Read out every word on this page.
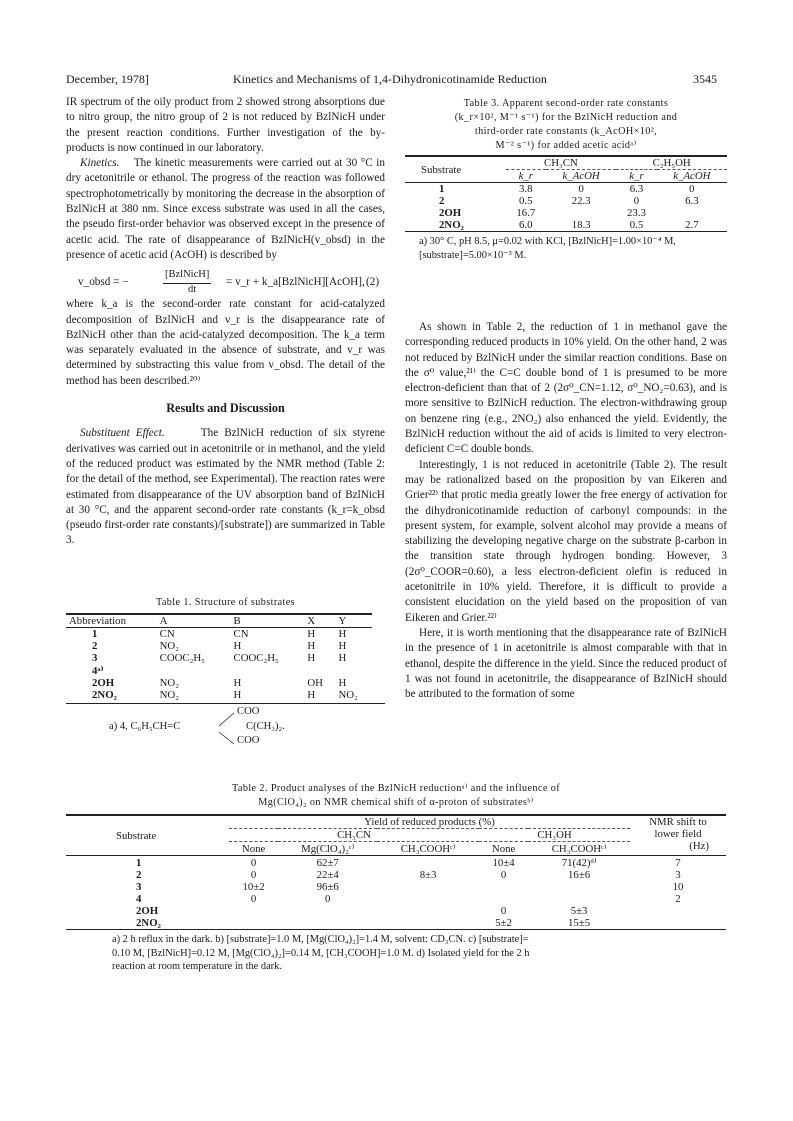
December, 1978]	Kinetics and Mechanisms of 1,4-Dihydronicotinamide Reduction	3545

IR spectrum of the oily product from 2 showed strong absorptions due to nitro group, the nitro group of 2 is not reduced by BzlNicH under the present reaction conditions. Further investigation of the by-products is now continued in our laboratory.

Kinetics. The kinetic measurements were carried out at 30 °C in dry acetonitrile or ethanol. The progress of the reaction was followed spectrophotometrically by monitoring the decrease in the absorption of BzlNicH at 380 nm. Since excess substrate was used in all the cases, the pseudo first-order behavior was observed except in the presence of acetic acid. The rate of disappearance of BzlNicH(v_obsd) in the presence of acetic acid (AcOH) is described by

v_obsd = −
[BzlNicH]
dt
= v_r + k_a[BzlNicH][AcOH], (2)

where k_a is the second-order rate constant for acid-catalyzed decomposition of BzlNicH and v_r is the disappearance rate of BzlNicH other than the acid-catalyzed decomposition. The k_a term was separately evaluated in the absence of substrate, and v_r was determined by substracting this value from v_obsd. The detail of the method has been described.²⁰⁾

Results and Discussion

Substituent Effect.	The BzlNicH reduction of six styrene derivatives was carried out in acetonitrile or in methanol, and the yield of the reduced product was estimated by the NMR method (Table 2: for the detail of the method, see Experimental). The reaction rates were estimated from disappearance of the UV absorption band of BzlNicH at 30 °C, and the apparent second-order rate constants (k_r=k_obsd (pseudo first-order rate constants)/[substrate]) are summarized in Table 3.

Table 1. Structure of substrates
Abbreviation	A	B	X	Y
1	CN	CN	H	H
2	NO₂	H	H	H
3	COOC₂H₅	COOC₂H₅	H	H
4ᵃ⁾				
2OH	NO₂	H	OH	H
2NO₂	NO₂	H	H	NO₂
a) 4, C₆H₅CH=C
COO
C(CH₃)₂.
COO
Table 3. Apparent second-order rate constants
(k_r×10², M⁻¹ s⁻¹) for the BzlNicH reduction and
third-order rate constants (k_AcOH×10²,
M⁻² s⁻¹) for added acetic acidᵃ⁾
Substrate	CH₃CN		C₂H₅OH	
	k_r	k_AcOH	k_r	k_AcOH
1	3.8	0	6.3	0
2	0.5	22.3	0	6.3
2OH	16.7		23.3	
2NO₂	6.0	18.3	0.5	2.7
a) 30° C, pH 8.5, μ=0.02 with KCl, [BzlNicH]=1.00×10⁻⁴ M, [substrate]=5.00×10⁻³ M.

As shown in Table 2, the reduction of 1 in methanol gave the corresponding reduced products in 10% yield. On the other hand, 2 was not reduced by BzlNicH under the similar reaction conditions. Base on the σ⁰ value,²¹⁾ the C=C double bond of 1 is presumed to be more electron-deficient than that of 2 (2σ⁰_CN=1.12, σ⁰_NO₂=0.63), and is more sensitive to BzlNicH reduction. The electron-withdrawing group on benzene ring (e.g., 2NO₂) also enhanced the yield. Evidently, the BzlNicH reduction without the aid of acids is limited to very electron-deficient C=C double bonds.

Interestingly, 1 is not reduced in acetonitrile (Table 2). The result may be rationalized based on the proposition by van Eikeren and Grier²²⁾ that protic media greatly lower the free energy of activation for the dihydronicotinamide reduction of carbonyl compounds: in the present system, for example, solvent alcohol may provide a means of stabilizing the developing negative charge on the substrate β-carbon in the transition state through hydrogen bonding. However, 3 (2σ⁰_COOR=0.60), a less electron-deficient olefin is reduced in acetonitrile in 10% yield. Therefore, it is difficult to provide a consistent elucidation on the yield based on the proposition of van Eikeren and Grier.²²⁾

Here, it is worth mentioning that the disappearance rate of BzlNicH in the presence of 1 in acetonitrile is almost comparable with that in ethanol, despite the difference in the yield. Since the reduced product of 1 was not found in acetonitrile, the disappearance of BzlNicH should be attributed to the formation of some

Table 2. Product analyses of the BzlNicH reductionᵃ⁾ and the influence of
Mg(ClO₄)₂ on NMR chemical shift of α-proton of substratesᵇ⁾
Substrate	Yield of reduced products (%)					NMR shift to
lower field
(Hz)

	CH₃CN			CH₃OH		
	None	Mg(ClO₄)₂ᶜ⁾	CH₃COOHᶜ⁾	None	CH₃COOHᶜ⁾	
1	0	62±7		10±4	71(42)ᵈ⁾	7
2	0	22±4	8±3	0	16±6	3
3	10±2	96±6				10
4	0	0				2
2OH				0	5±3	
2NO₂				5±2	15±5	
a) 2 h reflux in the dark. b) [substrate]=1.0 M, [Mg(ClO₄)₂]=1.4 M, solvent: CD₃CN. c) [substrate]=
0.10 M, [BzlNicH]=0.12 M, [Mg(ClO₄)₂]=0.14 M, [CH₃COOH]=1.0 M. d) Isolated yield for the 2 h
reaction at room temperature in the dark.
